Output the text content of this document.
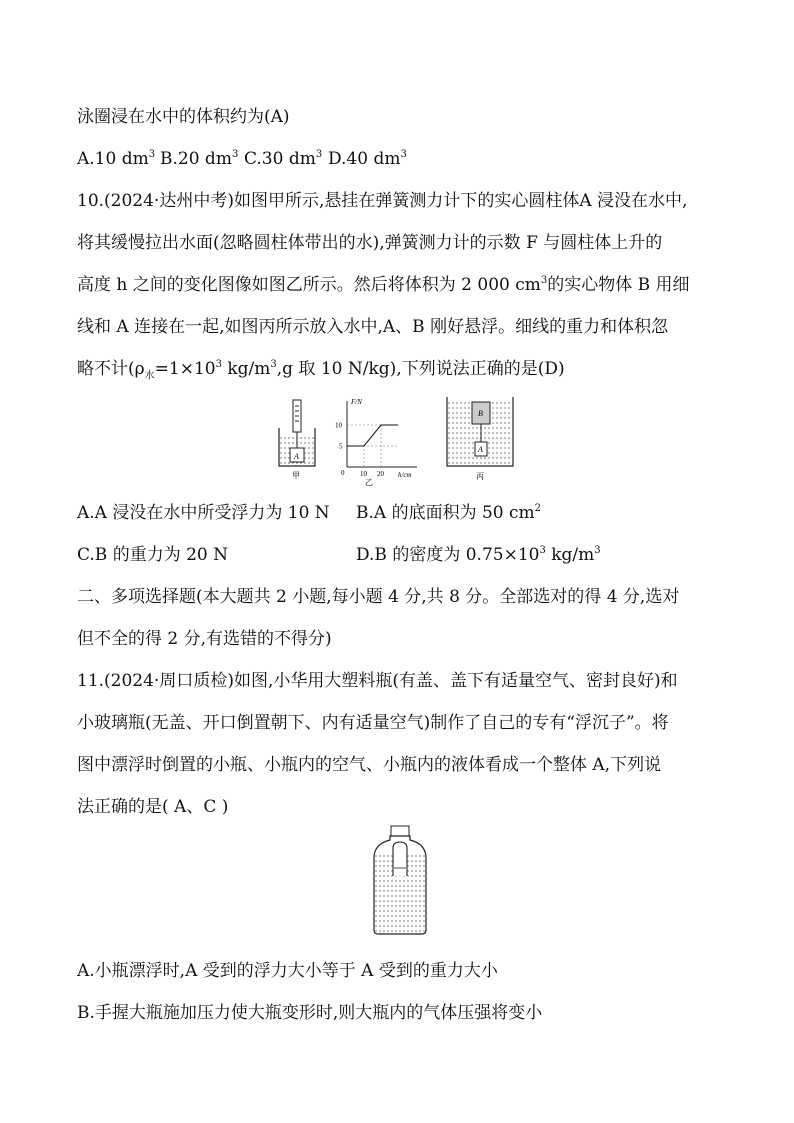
泳圈浸在水中的体积约为(A)
A.10 $dm^3$ B.20 $dm^3$ C.30 $dm^3$ D.40 $dm^3$
10.(2024·达州中考)如图甲所示,悬挂在弹簧测力计下的实心圆柱体A 浸没在水中,
将其缓慢拉出水面(忽略圆柱体带出的水),弹簧测力计的示数 F 与圆柱体上升的
高度 h 之间的变化图像如图乙所示。然后将体积为 2 000 $cm^3$的实心物体 B 用细
线和 A 连接在一起,如图丙所示放入水中,A、B 刚好悬浮。细线的重力和体积忽
略不计($\rho_水=1\times 10^3$ $kg/m^3,g$ 取 10 N/kg),下列说法正确的是(D)
A
甲
F/N
h/cm
0
5
10
10 20
乙
B
A
丙
A.A 浸没在水中所受浮力为 10 N B.A 的底面积为 50 $cm^2$
C.B 的重力为 20 N	D.B 的密度为 $0.75\times 10^3$ $kg/m^3$
二、多项选择题(本大题共 2 小题,每小题 4 分,共 8 分。全部选对的得 4 分,选对
但不全的得 2 分,有选错的不得分)
11.(2024·周口质检)如图,小华用大塑料瓶(有盖、盖下有适量空气、密封良好)和
小玻璃瓶(无盖、开口倒置朝下、内有适量空气)制作了自己的专有“浮沉子”。将
图中漂浮时倒置的小瓶、小瓶内的空气、小瓶内的液体看成一个整体 A,下列说
法正确的是( A、C )
A.小瓶漂浮时,A 受到的浮力大小等于 A 受到的重力大小
B.手握大瓶施加压力使大瓶变形时,则大瓶内的气体压强将变小
